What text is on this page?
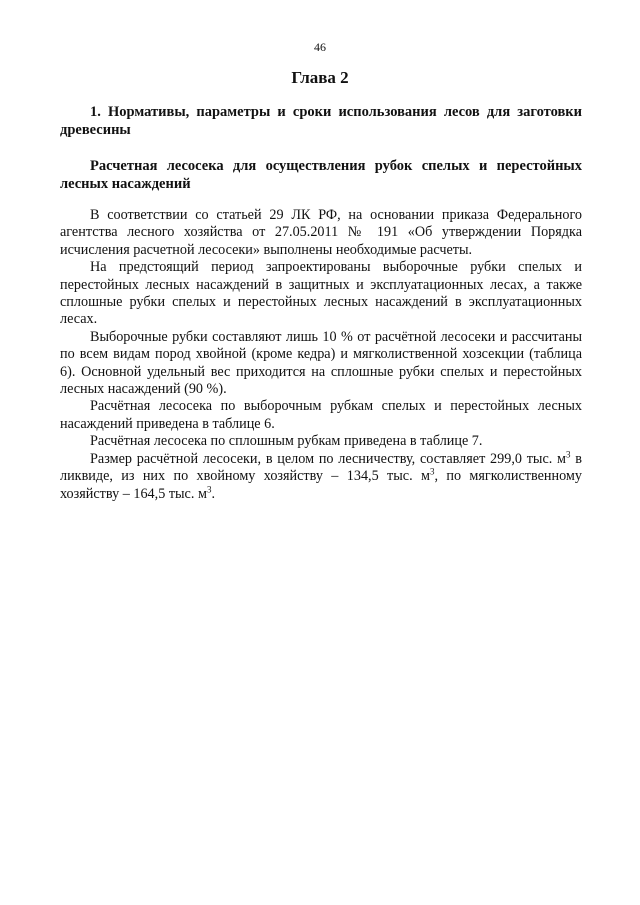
46
Глава 2

1. Нормативы, параметры и сроки использования лесов для заготовки древесины

Расчетная лесосека для осуществления рубок спелых и перестойных лесных насаждений

В соответствии со статьей 29 ЛК РФ, на основании приказа Федерального агентства лесного хозяйства от 27.05.2011 № 191 «Об утверждении Порядка исчисления расчетной лесосеки» выполнены необходимые расчеты.

На предстоящий период запроектированы выборочные рубки спелых и перестойных лесных насаждений в защитных и эксплуатационных лесах, а также сплошные рубки спелых и перестойных лесных насаждений в эксплуатационных лесах.

Выборочные рубки составляют лишь 10 % от расчётной лесосеки и рассчитаны по всем видам пород хвойной (кроме кедра) и мягколиственной хозсекции (таблица 6). Основной удельный вес приходится на сплошные рубки спелых и перестойных лесных насаждений (90 %).

Расчётная лесосека по выборочным рубкам спелых и перестойных лесных насаждений приведена в таблице 6.

Расчётная лесосека по сплошным рубкам приведена в таблице 7.

Размер расчётной лесосеки, в целом по лесничеству, составляет 299,0 тыс. $м^3$ в ликвиде, из них по хвойному хозяйству – 134,5 тыс. $м^3$, по мягколиственному хозяйству – 164,5 тыс. $м^3$.
